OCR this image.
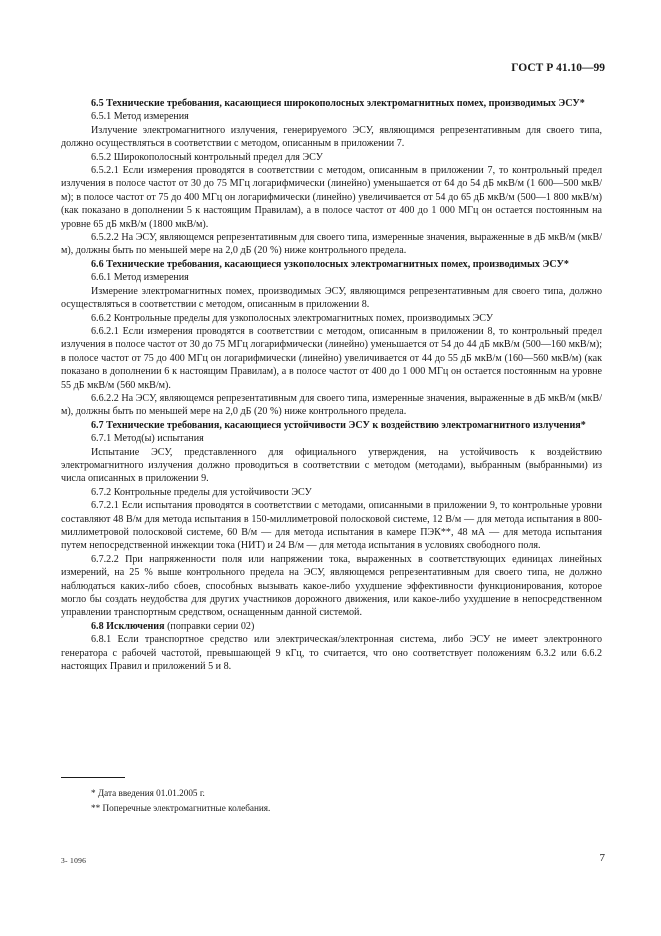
ГОСТ Р 41.10—99

6.5 Технические требования, касающиеся широкополосных электромагнитных помех, производимых ЭСУ*

6.5.1 Метод измерения

Излучение электромагнитного излучения, генерируемого ЭСУ, являющимся репрезентативным для своего типа, должно осуществляться в соответствии с методом, описанным в приложении 7.

6.5.2 Широкополосный контрольный предел для ЭСУ

6.5.2.1 Если измерения проводятся в соответствии с методом, описанным в приложении 7, то контрольный предел излучения в полосе частот от 30 до 75 МГц логарифмически (линейно) уменьшается от 64 до 54 дБ мкВ/м (1 600—500 мкВ/м); в полосе частот от 75 до 400 МГц он логарифмически (линейно) увеличивается от 54 до 65 дБ мкВ/м (500—1 800 мкВ/м) (как показано в дополнении 5 к настоящим Правилам), а в полосе частот от 400 до 1 000 МГц он остается постоянным на уровне 65 дБ мкВ/м (1800 мкВ/м).

6.5.2.2 На ЭСУ, являющемся репрезентативным для своего типа, измеренные значения, выраженные в дБ мкВ/м (мкВ/м), должны быть по меньшей мере на 2,0 дБ (20 %) ниже контрольного предела.

6.6 Технические требования, касающиеся узкополосных электромагнитных помех, производимых ЭСУ*

6.6.1 Метод измерения

Измерение электромагнитных помех, производимых ЭСУ, являющимся репрезентативным для своего типа, должно осуществляться в соответствии с методом, описанным в приложении 8.

6.6.2 Контрольные пределы для узкополосных электромагнитных помех, производимых ЭСУ

6.6.2.1 Если измерения проводятся в соответствии с методом, описанным в приложении 8, то контрольный предел излучения в полосе частот от 30 до 75 МГц логарифмически (линейно) уменьшается от 54 до 44 дБ мкВ/м (500—160 мкВ/м); в полосе частот от 75 до 400 МГц он логарифмически (линейно) увеличивается от 44 до 55 дБ мкВ/м (160—560 мкВ/м) (как показано в дополнении 6 к настоящим Правилам), а в полосе частот от 400 до 1 000 МГц он остается постоянным на уровне 55 дБ мкВ/м (560 мкВ/м).

6.6.2.2 На ЭСУ, являющемся репрезентативным для своего типа, измеренные значения, выраженные в дБ мкВ/м (мкВ/м), должны быть по меньшей мере на 2,0 дБ (20 %) ниже контрольного предела.

6.7 Технические требования, касающиеся устойчивости ЭСУ к воздействию электромагнитного излучения*

6.7.1 Метод(ы) испытания

Испытание ЭСУ, представленного для официального утверждения, на устойчивость к воздействию электромагнитного излучения должно проводиться в соответствии с методом (методами), выбранным (выбранными) из числа описанных в приложении 9.

6.7.2 Контрольные пределы для устойчивости ЭСУ

6.7.2.1 Если испытания проводятся в соответствии с методами, описанными в приложении 9, то контрольные уровни составляют 48 В/м для метода испытания в 150-миллиметровой полосковой системе, 12 В/м — для метода испытания в 800-миллиметровой полосковой системе, 60 В/м — для метода испытания в камере ПЭК**, 48 мА — для метода испытания путем непосредственной инжекции тока (НИТ) и 24 В/м — для метода испытания в условиях свободного поля.

6.7.2.2 При напряженности поля или напряжении тока, выраженных в соответствующих единицах линейных измерений, на 25 % выше контрольного предела на ЭСУ, являющемся репрезентативным для своего типа, не должно наблюдаться каких-либо сбоев, способных вызывать какое-либо ухудшение эффективности функционирования, которое могло бы создать неудобства для других участников дорожного движения, или какое-либо ухудшение в непосредственном управлении транспортным средством, оснащенным данной системой.

6.8 Исключения (поправки серии 02)

6.8.1 Если транспортное средство или электрическая/электронная система, либо ЭСУ не имеет электронного генератора с рабочей частотой, превышающей 9 кГц, то считается, что оно соответствует положениям 6.3.2 или 6.6.2 настоящих Правил и приложений 5 и 8.

* Дата введения 01.01.2005 г.
** Поперечные электромагнитные колебания.
3- 1096	7
